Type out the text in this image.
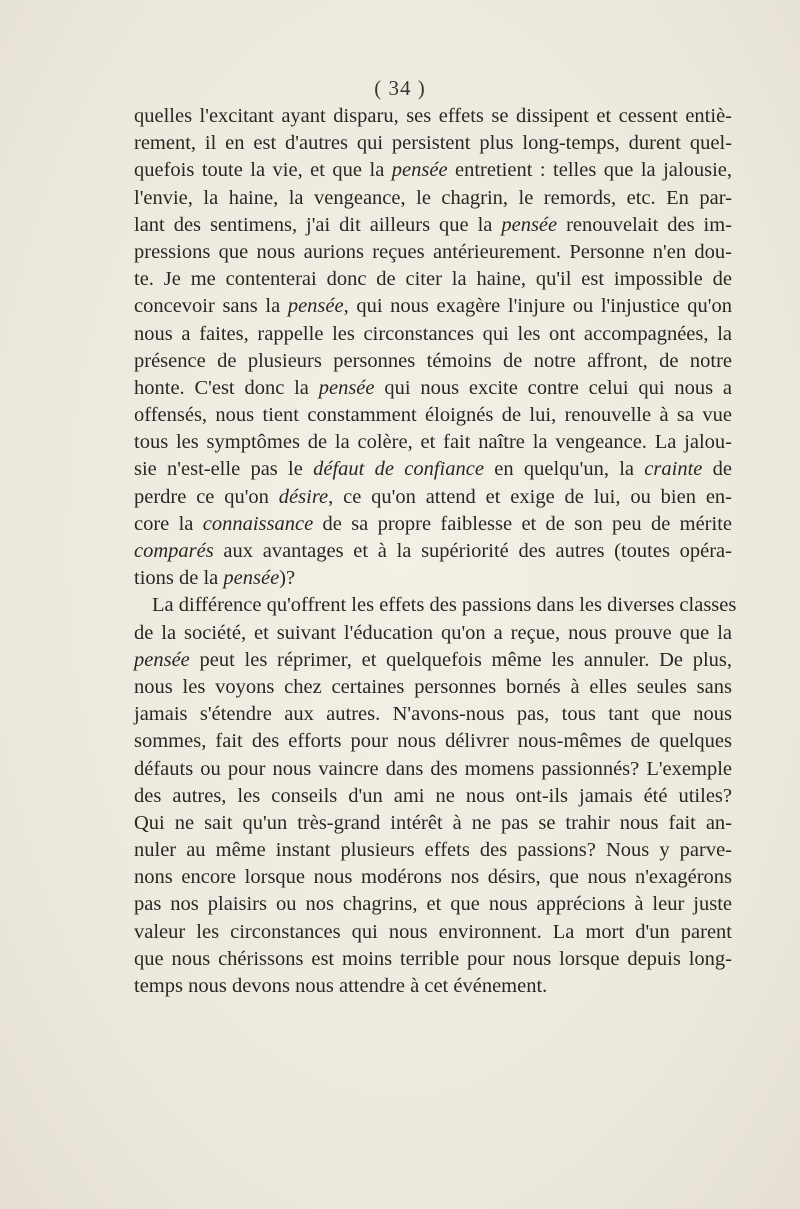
( 34 )
quelles l'excitant ayant disparu, ses effets se dissipent et cessent entiè-
rement, il en est d'autres qui persistent plus long-temps, durent quel-
quefois toute la vie, et que la pensée entretient : telles que la jalousie,
l'envie, la haine, la vengeance, le chagrin, le remords, etc. En par-
lant des sentimens, j'ai dit ailleurs que la pensée renouvelait des im-
pressions que nous aurions reçues antérieurement. Personne n'en dou-
te. Je me contenterai donc de citer la haine, qu'il est impossible de
concevoir sans la pensée, qui nous exagère l'injure ou l'injustice qu'on
nous a faites, rappelle les circonstances qui les ont accompagnées, la
présence de plusieurs personnes témoins de notre affront, de notre
honte. C'est donc la pensée qui nous excite contre celui qui nous a
offensés, nous tient constamment éloignés de lui, renouvelle à sa vue
tous les symptômes de la colère, et fait naître la vengeance. La jalou-
sie n'est-elle pas le défaut de confiance en quelqu'un, la crainte de
perdre ce qu'on désire, ce qu'on attend et exige de lui, ou bien en-
core la connaissance de sa propre faiblesse et de son peu de mérite
comparés aux avantages et à la supériorité des autres (toutes opéra-
tions de la pensée)?
La différence qu'offrent les effets des passions dans les diverses classes
de la société, et suivant l'éducation qu'on a reçue, nous prouve que la
pensée peut les réprimer, et quelquefois même les annuler. De plus,
nous les voyons chez certaines personnes bornés à elles seules sans
jamais s'étendre aux autres. N'avons-nous pas, tous tant que nous
sommes, fait des efforts pour nous délivrer nous-mêmes de quelques
défauts ou pour nous vaincre dans des momens passionnés? L'exemple
des autres, les conseils d'un ami ne nous ont-ils jamais été utiles?
Qui ne sait qu'un très-grand intérêt à ne pas se trahir nous fait an-
nuler au même instant plusieurs effets des passions? Nous y parve-
nons encore lorsque nous modérons nos désirs, que nous n'exagérons
pas nos plaisirs ou nos chagrins, et que nous apprécions à leur juste
valeur les circonstances qui nous environnent. La mort d'un parent
que nous chérissons est moins terrible pour nous lorsque depuis long-
temps nous devons nous attendre à cet événement.
